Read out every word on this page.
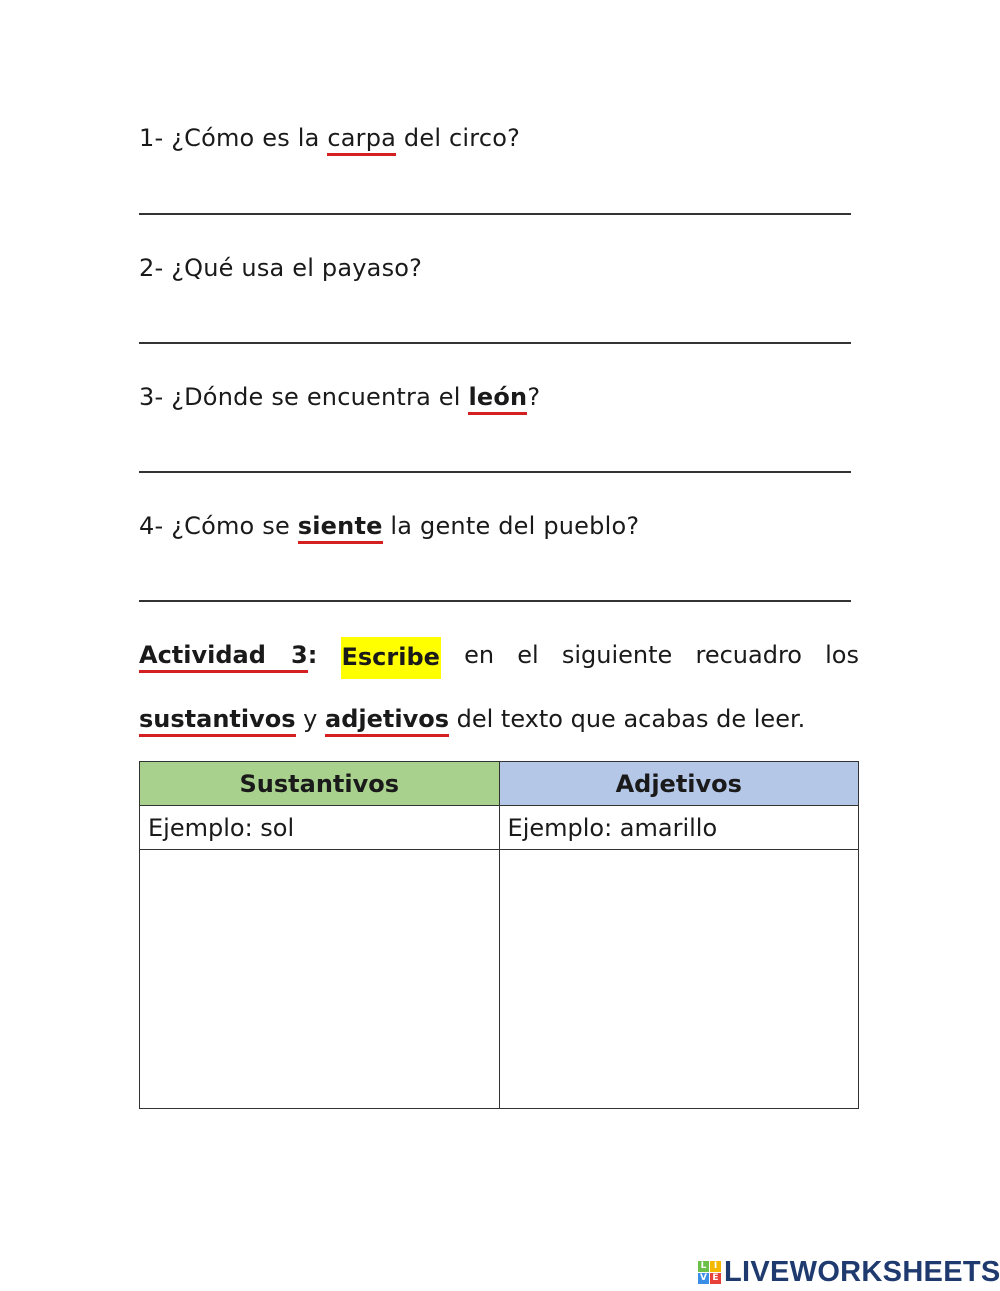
1- ¿Cómo es la carpa del circo?
2- ¿Qué usa el payaso?
3- ¿Dónde se encuentra el león?
4- ¿Cómo se siente la gente del pueblo?
Actividad 3: Escribe en el siguiente recuadro los
sustantivos y adjetivos del texto que acabas de leer.
Sustantivos	Adjetivos
Ejemplo: sol	Ejemplo: amarillo

L I
V E LIVEWORKSHEETS
